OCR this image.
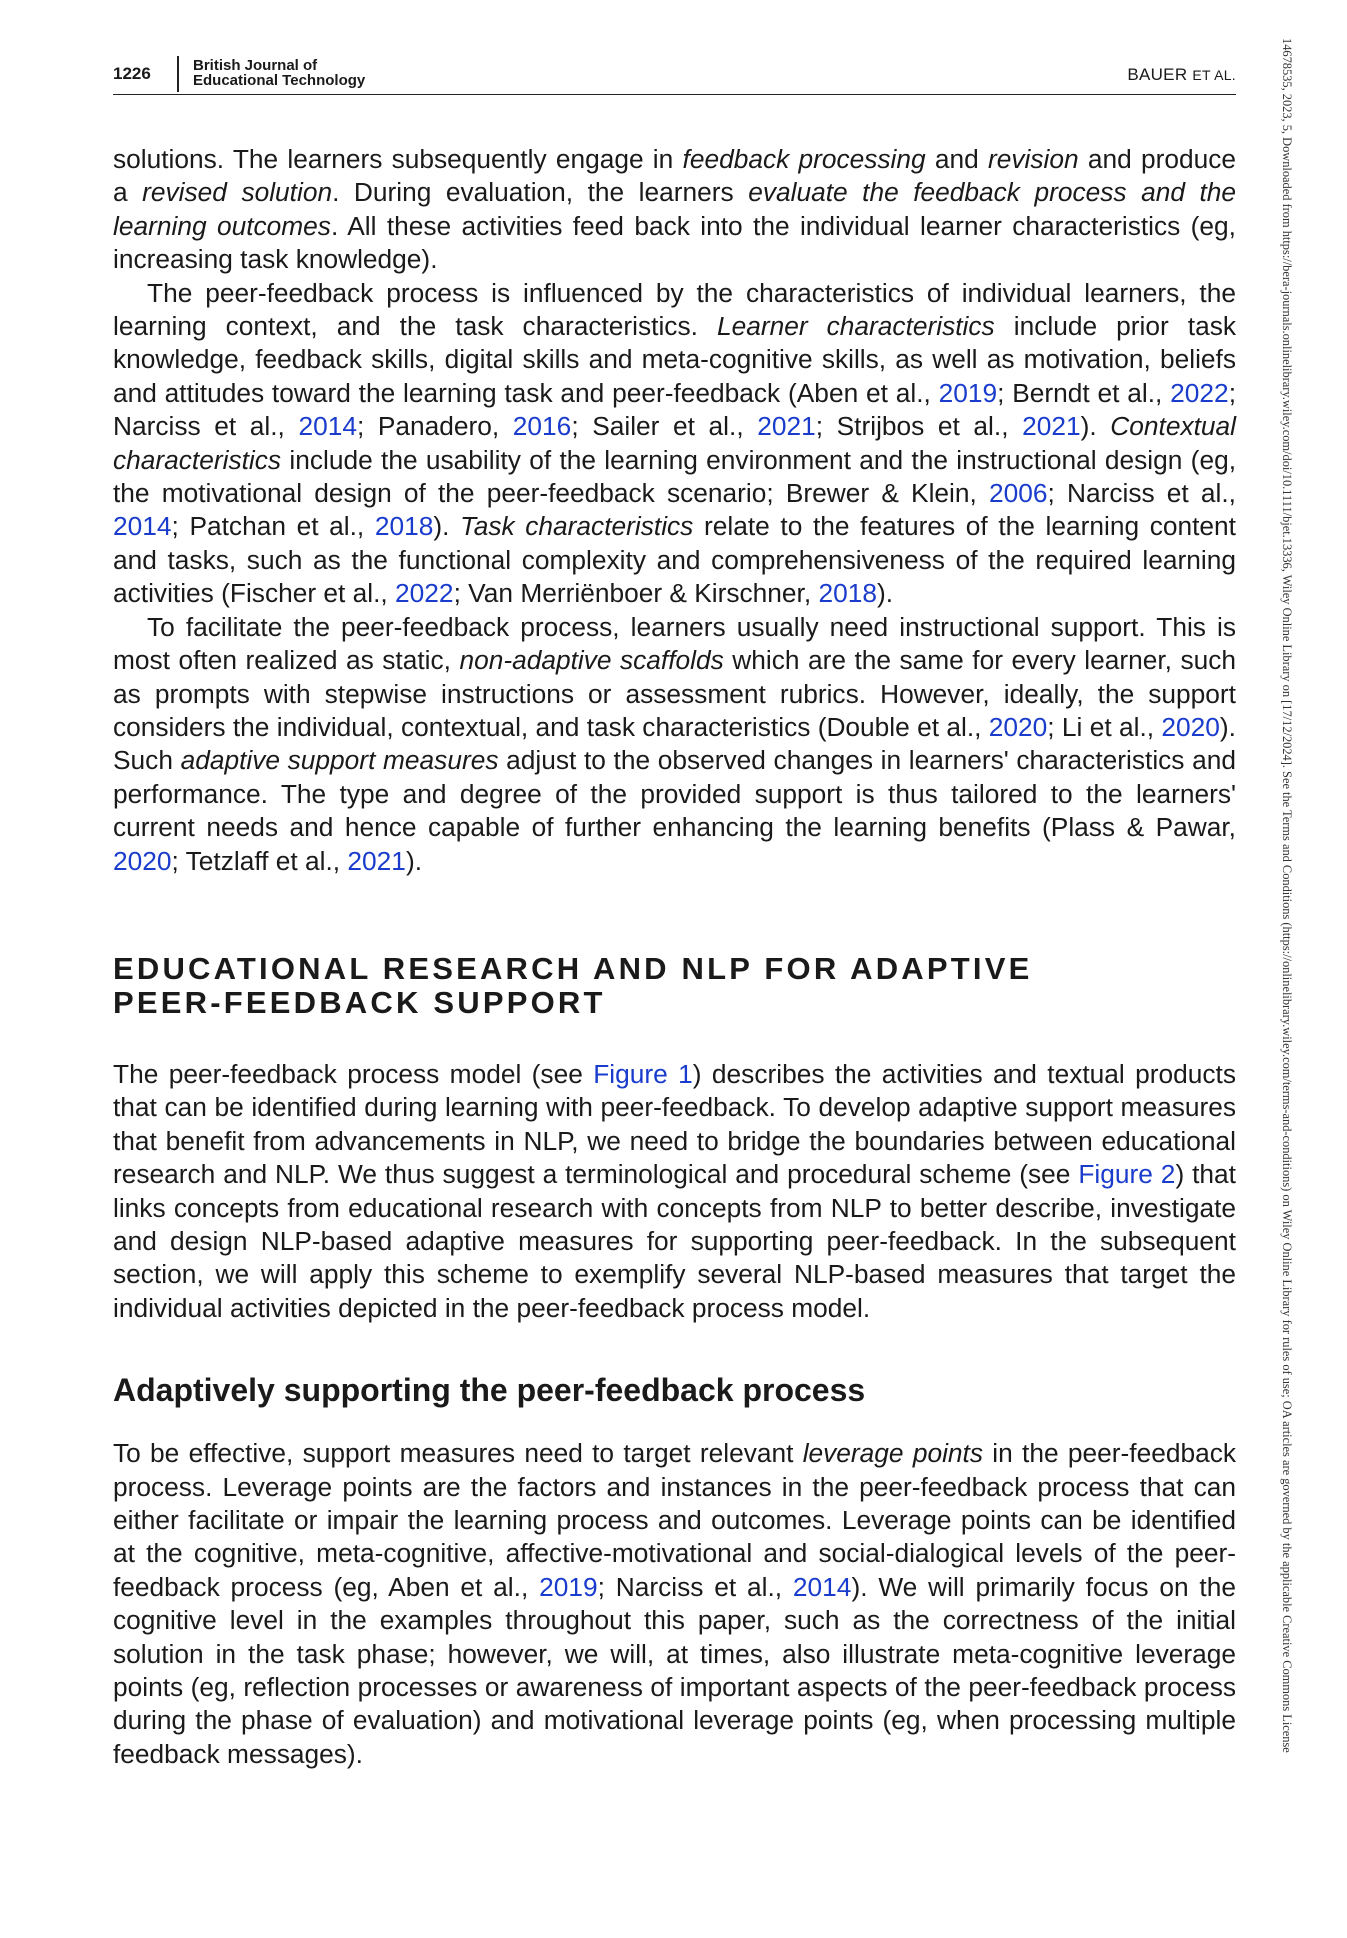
1226	British Journal of
Educational Technology	BAUER ET AL.	14678535, 2023, 5, Downloaded from https://bera-journals.onlinelibrary.wiley.com/doi/10.1111/bjet.13336, Wiley Online Library on [17/12/2024]. See the Terms and Conditions (https://onlinelibrary.wiley.com/terms-and-conditions) on Wiley Online Library for rules of use; OA articles are governed by the applicable Creative Commons License

solutions. The learners subsequently engage in feedback processing and revision and produce a revised solution. During evaluation, the learners evaluate the feedback process and the learning outcomes. All these activities feed back into the individual learner characteristics (eg, increasing task knowledge).

The peer-feedback process is influenced by the characteristics of individual learners, the learning context, and the task characteristics. Learner characteristics include prior task knowledge, feedback skills, digital skills and meta-cognitive skills, as well as motivation, beliefs and attitudes toward the learning task and peer-feedback (Aben et al., 2019; Berndt et al., 2022; Narciss et al., 2014; Panadero, 2016; Sailer et al., 2021; Strijbos et al., 2021). Contextual characteristics include the usability of the learning environment and the instructional design (eg, the motivational design of the peer-feedback scenario; Brewer & Klein, 2006; Narciss et al., 2014; Patchan et al., 2018). Task characteristics relate to the features of the learning content and tasks, such as the functional complexity and comprehensiveness of the required learning activities (Fischer et al., 2022; Van Merriënboer & Kirschner, 2018).

To facilitate the peer-feedback process, learners usually need instructional support. This is most often realized as static, non-adaptive scaffolds which are the same for every learner, such as prompts with stepwise instructions or assessment rubrics. However, ideally, the support considers the individual, contextual, and task characteristics (Double et al., 2020; Li et al., 2020). Such adaptive support measures adjust to the observed changes in learners' characteristics and performance. The type and degree of the provided support is thus tailored to the learners' current needs and hence capable of further enhancing the learning benefits (Plass & Pawar, 2020; Tetzlaff et al., 2021).

EDUCATIONAL RESEARCH AND NLP FOR ADAPTIVE
PEER-FEEDBACK SUPPORT

The peer-feedback process model (see Figure 1) describes the activities and textual products that can be identified during learning with peer-feedback. To develop adaptive support measures that benefit from advancements in NLP, we need to bridge the boundaries between educational research and NLP. We thus suggest a terminological and procedural scheme (see Figure 2) that links concepts from educational research with concepts from NLP to better describe, investigate and design NLP-based adaptive measures for supporting peer-feedback. In the subsequent section, we will apply this scheme to exemplify several NLP-based measures that target the individual activities depicted in the peer-feedback process model.

Adaptively supporting the peer-feedback process

To be effective, support measures need to target relevant leverage points in the peer-feedback process. Leverage points are the factors and instances in the peer-feedback process that can either facilitate or impair the learning process and outcomes. Leverage points can be identified at the cognitive, meta-cognitive, affective-motivational and social-dialogical levels of the peer-feedback process (eg, Aben et al., 2019; Narciss et al., 2014). We will primarily focus on the cognitive level in the examples throughout this paper, such as the correctness of the initial solution in the task phase; however, we will, at times, also illustrate meta-cognitive leverage points (eg, reflection processes or awareness of important aspects of the peer-feedback process during the phase of evaluation) and motivational leverage points (eg, when processing multiple feedback messages).
